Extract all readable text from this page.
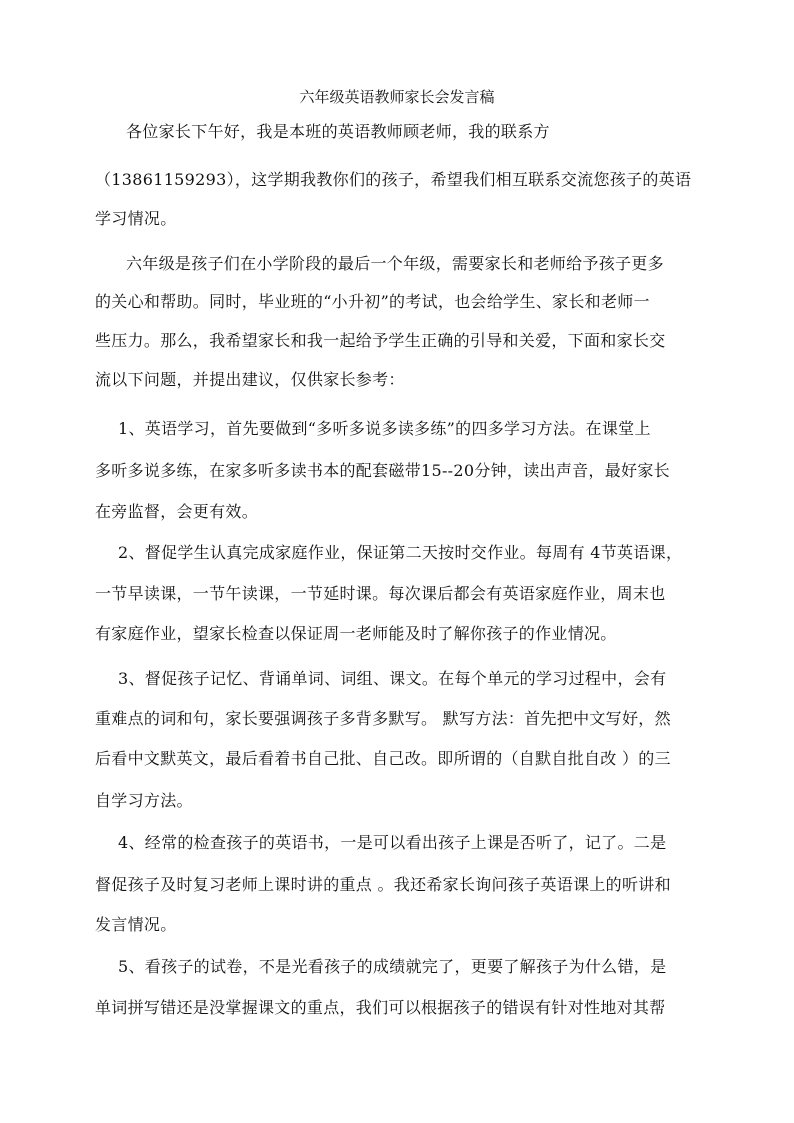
六年级英语教师家长会发言稿
各位家长下午好，我是本班的英语教师顾老师，我的联系方
（13861159293），这学期我教你们的孩子，希望我们相互联系交流您孩子的英语
学习情况。
六年级是孩子们在小学阶段的最后一个年级，需要家长和老师给予孩子更多
的关心和帮助。同时，毕业班的“小升初”的考试，也会给学生、家长和老师一
些压力。那么，我希望家长和我一起给予学生正确的引导和关爱，下面和家长交
流以下问题，并提出建议，仅供家长参考：
1、英语学习，首先要做到“多听多说多读多练”的四多学习方法。在课堂上
多听多说多练，在家多听多读书本的配套磁带15--20分钟，读出声音，最好家长
在旁监督，会更有效。
2、督促学生认真完成家庭作业，保证第二天按时交作业。每周有 4节英语课，
一节早读课，一节午读课，一节延时课。每次课后都会有英语家庭作业，周末也
有家庭作业，望家长检查以保证周一老师能及时了解你孩子的作业情况。
3、督促孩子记忆、背诵单词、词组、课文。在每个单元的学习过程中，会有
重难点的词和句，家长要强调孩子多背多默写。 默写方法：首先把中文写好，然
后看中文默英文，最后看着书自己批、自己改。即所谓的（自默自批自改 ）的三
自学习方法。
4、经常的检查孩子的英语书，一是可以看出孩子上课是否听了，记了。二是
督促孩子及时复习老师上课时讲的重点 。我还希家长询问孩子英语课上的听讲和
发言情况。
5、看孩子的试卷，不是光看孩子的成绩就完了，更要了解孩子为什么错，是
单词拼写错还是没掌握课文的重点，我们可以根据孩子的错误有针对性地对其帮
